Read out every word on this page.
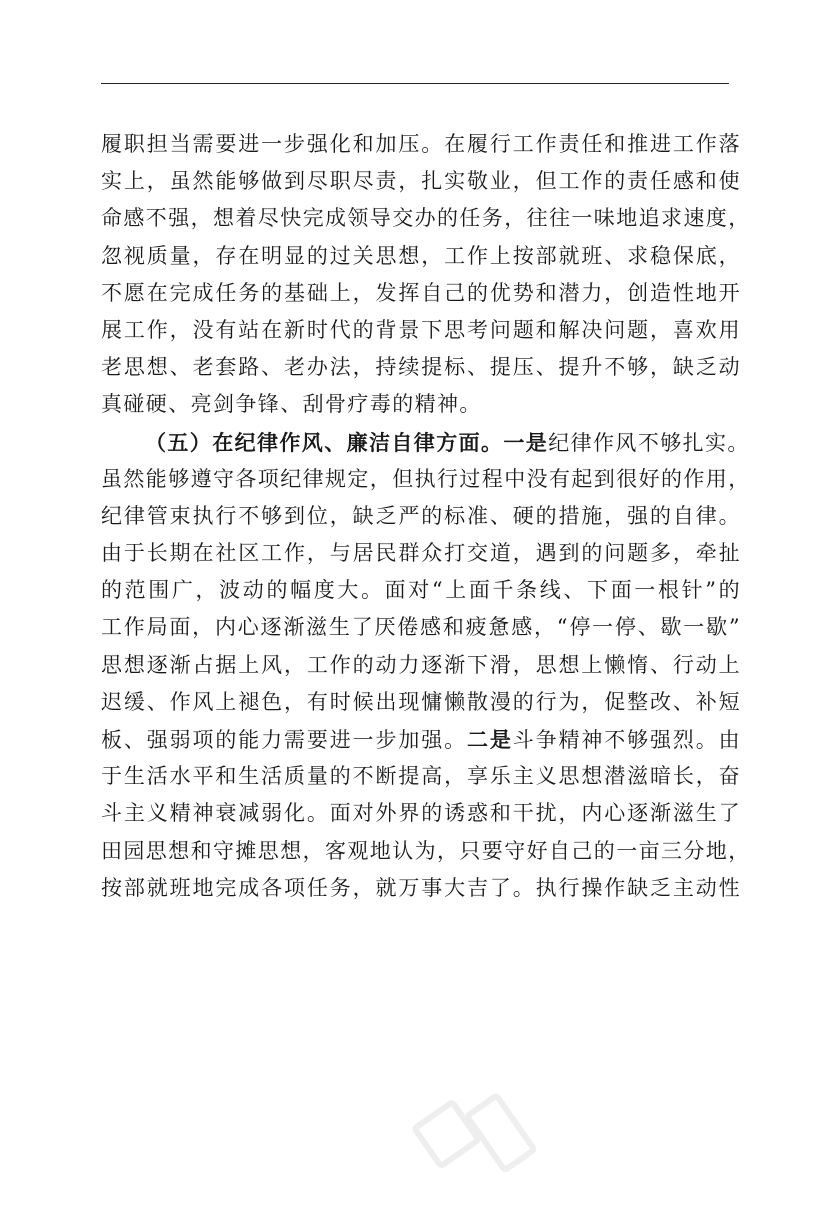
履职担当需要进一步强化和加压。在履行工作责任和推进工作落
实上，虽然能够做到尽职尽责，扎实敬业，但工作的责任感和使
命感不强，想着尽快完成领导交办的任务，往往一味地追求速度，
忽视质量，存在明显的过关思想，工作上按部就班、求稳保底，
不愿在完成任务的基础上，发挥自己的优势和潜力，创造性地开
展工作，没有站在新时代的背景下思考问题和解决问题，喜欢用
老思想、老套路、老办法，持续提标、提压、提升不够，缺乏动
真碰硬、亮剑争锋、刮骨疗毒的精神。
（五）在纪律作风、廉洁自律方面。一是纪律作风不够扎实。
虽然能够遵守各项纪律规定，但执行过程中没有起到很好的作用，
纪律管束执行不够到位，缺乏严的标准、硬的措施，强的自律。
由于长期在社区工作，与居民群众打交道，遇到的问题多，牵扯
的范围广，波动的幅度大。面对“上面千条线、下面一根针”的
工作局面，内心逐渐滋生了厌倦感和疲惫感，“停一停、歇一歇”
思想逐渐占据上风，工作的动力逐渐下滑，思想上懒惰、行动上
迟缓、作风上褪色，有时候出现慵懒散漫的行为，促整改、补短
板、强弱项的能力需要进一步加强。二是斗争精神不够强烈。由
于生活水平和生活质量的不断提高，享乐主义思想潜滋暗长，奋
斗主义精神衰减弱化。面对外界的诱惑和干扰，内心逐渐滋生了
田园思想和守摊思想，客观地认为，只要守好自己的一亩三分地，
按部就班地完成各项任务，就万事大吉了。执行操作缺乏主动性
